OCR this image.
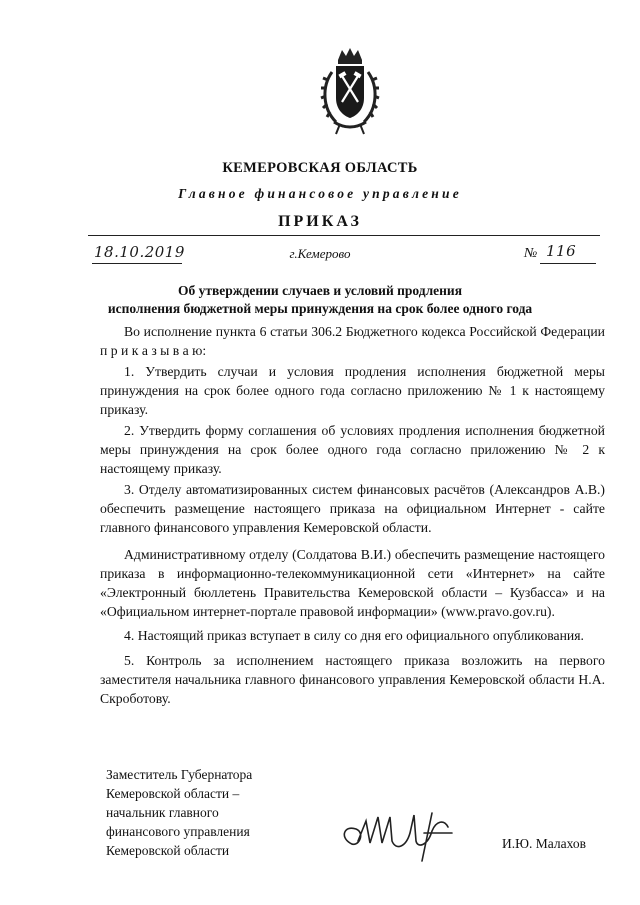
КЕМЕРОВСКАЯ ОБЛАСТЬ
Главное финансовое управление
ПРИКАЗ
18.10.2019	г.Кемерово	№ 116
Об утверждении случаев и условий продления
исполнения бюджетной меры принуждения на срок более одного года

Во исполнение пункта 6 статьи 306.2 Бюджетного кодекса Российской Федерации п р и к а з ы в а ю:

1. Утвердить случаи и условия продления исполнения бюджетной меры принуждения на срок более одного года согласно приложению № 1 к настоящему приказу.

2. Утвердить форму соглашения об условиях продления исполнения бюджетной меры принуждения на срок более одного года согласно приложению № 2 к настоящему приказу.

3. Отделу автоматизированных систем финансовых расчётов (Александров А.В.) обеспечить размещение настоящего приказа на официальном Интернет - сайте главного финансового управления Кемеровской области.

Административному отделу (Солдатова В.И.) обеспечить размещение настоящего приказа в информационно-телекоммуникационной сети «Интернет» на сайте «Электронный бюллетень Правительства Кемеровской области – Кузбасса» и на «Официальном интернет-портале правовой информации» (www.pravo.gov.ru).

4. Настоящий приказ вступает в силу со дня его официального опубликования.

5. Контроль за исполнением настоящего приказа возложить на первого заместителя начальника главного финансового управления Кемеровской области Н.А. Скроботову.

Заместитель Губернатора
Кемеровской области –
начальник главного
финансового управления
Кемеровской области	И.Ю. Малахов
